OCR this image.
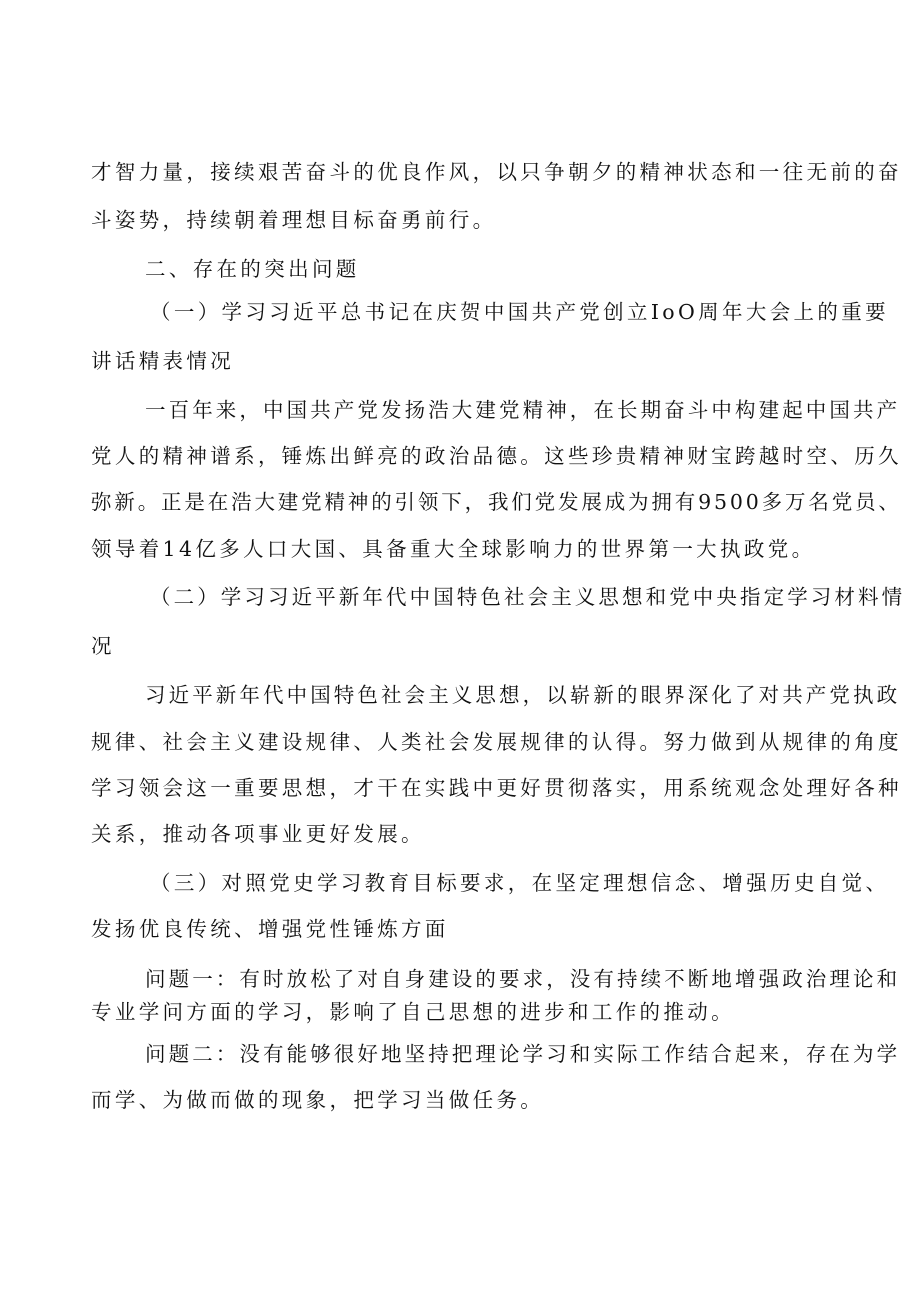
才智力量，接续艰苦奋斗的优良作风，以只争朝夕的精神状态和一往无前的奋
斗姿势，持续朝着理想目标奋勇前行。
二、存在的突出问题
（一）学习习近平总书记在庆贺中国共产党创立IoO周年大会上的重要
讲话精表情况
一百年来，中国共产党发扬浩大建党精神，在长期奋斗中构建起中国共产
党人的精神谱系，锤炼出鲜亮的政治品德。这些珍贵精神财宝跨越时空、历久
弥新。正是在浩大建党精神的引领下，我们党发展成为拥有9500多万名党员、
领导着14亿多人口大国、具备重大全球影响力的世界第一大执政党。
（二）学习习近平新年代中国特色社会主义思想和党中央指定学习材料情
况
习近平新年代中国特色社会主义思想，以崭新的眼界深化了对共产党执政
规律、社会主义建设规律、人类社会发展规律的认得。努力做到从规律的角度
学习领会这一重要思想，才干在实践中更好贯彻落实，用系统观念处理好各种
关系，推动各项事业更好发展。
（三）对照党史学习教育目标要求，在坚定理想信念、增强历史自觉、
发扬优良传统、增强党性锤炼方面
问题一：有时放松了对自身建设的要求，没有持续不断地增强政治理论和
专业学问方面的学习，影响了自己思想的进步和工作的推动。
问题二：没有能够很好地坚持把理论学习和实际工作结合起来，存在为学
而学、为做而做的现象，把学习当做任务。
